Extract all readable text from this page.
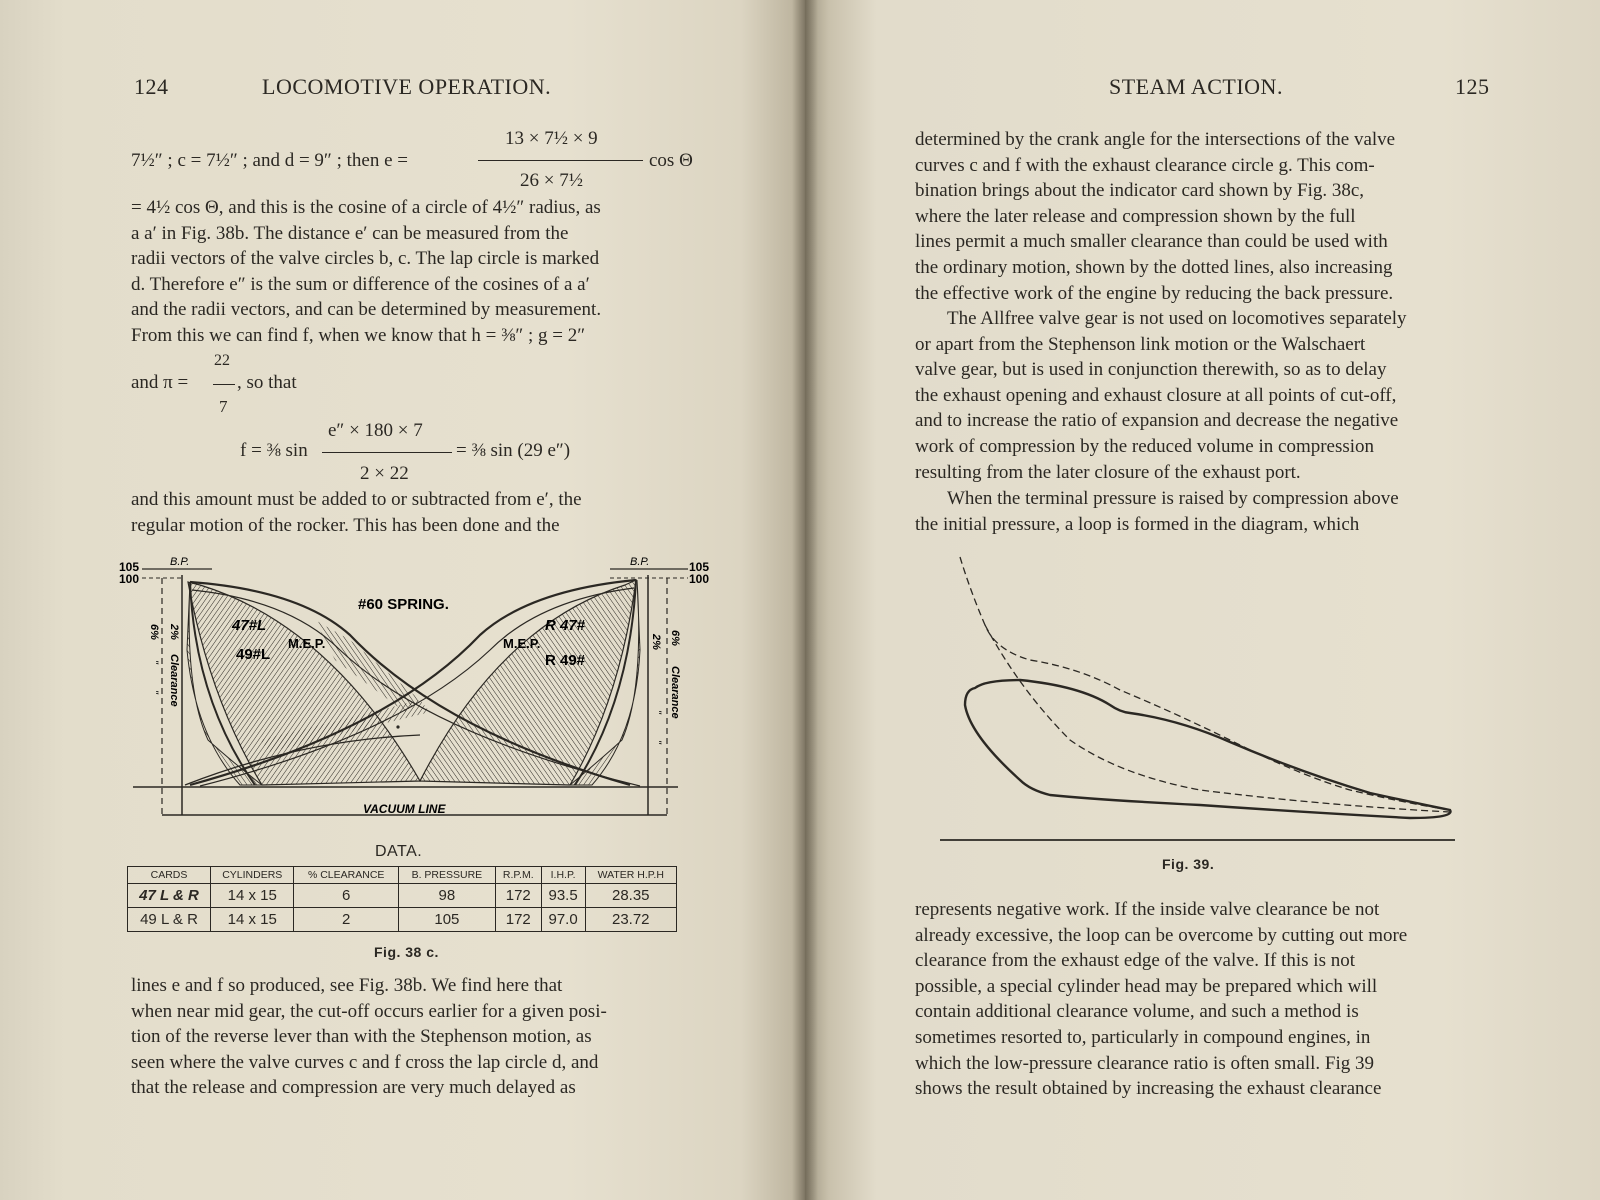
124	LOCOMOTIVE OPERATION.
7½″ ; c = 7½″ ; and d = 9″ ; then e =
13 × 7½ × 9
26 × 7½
cos Θ

= 4½ cos Θ, and this is the cosine of a circle of 4½″ radius, as

a a′ in Fig. 38b. The distance e′ can be measured from the

radii vectors of the valve circles b, c. The lap circle is marked

d. Therefore e″ is the sum or difference of the cosines of a a′

and the radii vectors, and can be determined by measurement.

From this we can find f, when we know that h = ⅜″ ; g = 2″

22
and π =	, so that
7
e″ × 180 × 7
f = ⅜ sin	= ⅜ sin (29 e″)
2 × 22

and this amount must be added to or subtracted from e′, the

regular motion of the rocker. This has been done and the

B.P.	B.P.
105
100
105
100
#60 SPRING.
47#L
49#L
M.E.P.
R 47#
M.E.P.
R 49#
VACUUM LINE
2%
Clearance
6%
"
"
2% 6%
Clearance
"
"
DATA.
CARDS	CYLINDERS	% CLEARANCE	B. PRESSURE	R.P.M.	I.H.P.	WATER H.P.H
47 L & R	14 x 15	6	98	172	93.5	28.35
49 L & R	14 x 15	2	105	172	97.0	23.72
Fig. 38 c.

lines e and f so produced, see Fig. 38b. We find here that

when near mid gear, the cut-off occurs earlier for a given posi-

tion of the reverse lever than with the Stephenson motion, as

seen where the valve curves c and f cross the lap circle d, and

that the release and compression are very much delayed as

STEAM ACTION.	125

determined by the crank angle for the intersections of the valve

curves c and f with the exhaust clearance circle g. This com-

bination brings about the indicator card shown by Fig. 38c,

where the later release and compression shown by the full

lines permit a much smaller clearance than could be used with

the ordinary motion, shown by the dotted lines, also increasing

the effective work of the engine by reducing the back pressure.

The Allfree valve gear is not used on locomotives separately

or apart from the Stephenson link motion or the Walschaert

valve gear, but is used in conjunction therewith, so as to delay

the exhaust opening and exhaust closure at all points of cut-off,

and to increase the ratio of expansion and decrease the negative

work of compression by the reduced volume in compression

resulting from the later closure of the exhaust port.

When the terminal pressure is raised by compression above

the initial pressure, a loop is formed in the diagram, which

Fig. 39.

represents negative work. If the inside valve clearance be not

already excessive, the loop can be overcome by cutting out more

clearance from the exhaust edge of the valve. If this is not

possible, a special cylinder head may be prepared which will

contain additional clearance volume, and such a method is

sometimes resorted to, particularly in compound engines, in

which the low-pressure clearance ratio is often small. Fig 39

shows the result obtained by increasing the exhaust clearance
